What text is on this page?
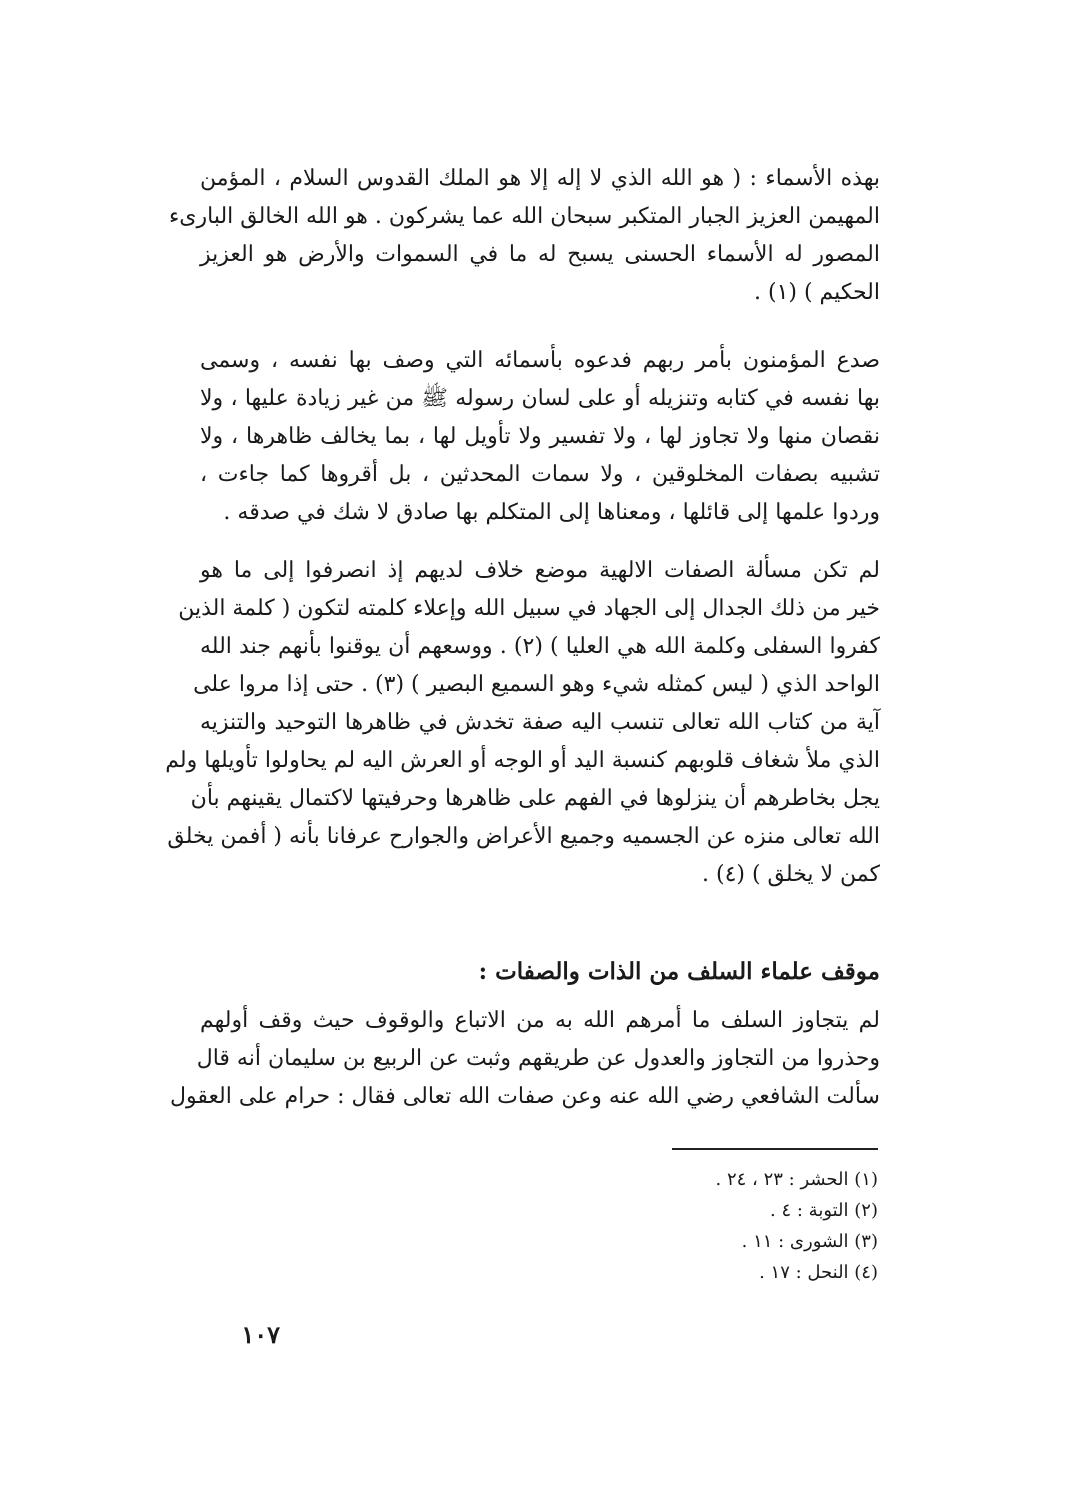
بهذه الأسماء : ( هو الله الذي لا إله إلا هو الملك القدوس السلام ، المؤمن
المهيمن العزيز الجبار المتكبر سبحان الله عما يشركون . هو الله الخالق البارىء
المصور له الأسماء الحسنى يسبح له ما في السموات والأرض هو العزيز
الحكيم ) (١) .
صدع المؤمنون بأمر ربهم فدعوه بأسمائه التي وصف بها نفسه ، وسمى
بها نفسه في كتابه وتنزيله أو على لسان رسوله ﷺ من غير زيادة عليها ، ولا
نقصان منها ولا تجاوز لها ، ولا تفسير ولا تأويل لها ، بما يخالف ظاهرها ، ولا
تشبيه بصفات المخلوقين ، ولا سمات المحدثين ، بل أقروها كما جاءت ،
وردوا علمها إلى قائلها ، ومعناها إلى المتكلم بها صادق لا شك في صدقه .
لم تكن مسألة الصفات الالهية موضع خلاف لديهم إذ انصرفوا إلى ما هو
خير من ذلك الجدال إلى الجهاد في سبيل الله وإعلاء كلمته لتكون ( كلمة الذين
كفروا السفلى وكلمة الله هي العليا ) (٢) . ووسعهم أن يوقنوا بأنهم جند الله
الواحد الذي ( ليس كمثله شيء وهو السميع البصير ) (٣) . حتى إذا مروا على
آية من كتاب الله تعالى تنسب اليه صفة تخدش في ظاهرها التوحيد والتنزيه
الذي ملأ شغاف قلوبهم كنسبة اليد أو الوجه أو العرش اليه لم يحاولوا تأويلها ولم
يجل بخاطرهم أن ينزلوها في الفهم على ظاهرها وحرفيتها لاكتمال يقينهم بأن
الله تعالى منزه عن الجسميه وجميع الأعراض والجوارح عرفانا بأنه ( أفمن يخلق
كمن لا يخلق ) (٤) .
موقف علماء السلف من الذات والصفات :
لم يتجاوز السلف ما أمرهم الله به من الاتباع والوقوف حيث وقف أولهم
وحذروا من التجاوز والعدول عن طريقهم وثبت عن الربيع بن سليمان أنه قال
سألت الشافعي رضي الله عنه وعن صفات الله تعالى فقال : حرام على العقول
(١) الحشر : ٢٣ ، ٢٤ .
(٢) التوبة : ٤ .
(٣) الشورى : ١١ .
(٤) النحل : ١٧ .
١٠٧
